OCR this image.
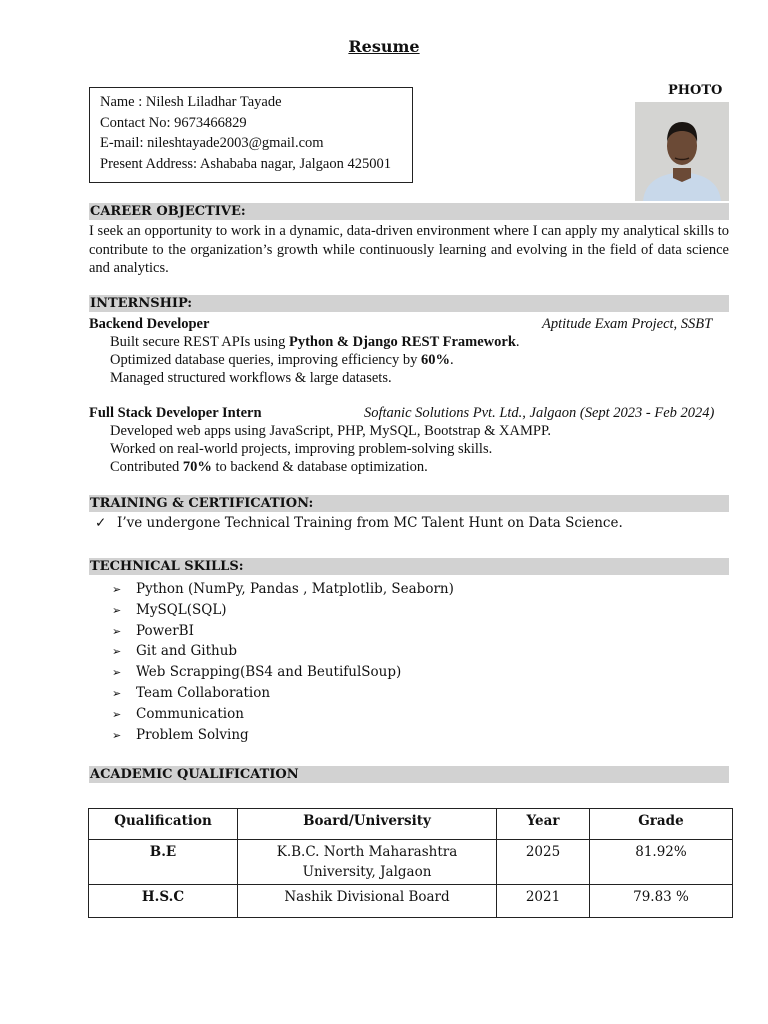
Resume
Name : Nilesh Liladhar Tayade
Contact No: 9673466829
E-mail: nileshtayade2003@gmail.com
Present Address: Ashababa nagar, Jalgaon 425001
PHOTO
CAREER OBJECTIVE:
I seek an opportunity to work in a dynamic, data-driven environment where I can apply my analytical skills to contribute to the organization’s growth while continuously learning and evolving in the field of data science and analytics.
INTERNSHIP:
Backend Developer	Aptitude Exam Project, SSBT
Built secure REST APIs using Python & Django REST Framework.
Optimized database queries, improving efficiency by 60%.
Managed structured workflows & large datasets.
Full Stack Developer Intern	Softanic Solutions Pvt. Ltd., Jalgaon (Sept 2023 - Feb 2024)
Developed web apps using JavaScript, PHP, MySQL, Bootstrap & XAMPP.
Worked on real-world projects, improving problem-solving skills.
Contributed 70% to backend & database optimization.
TRAINING & CERTIFICATION:
✓ I’ve undergone Technical Training from MC Talent Hunt on Data Science.
TECHNICAL SKILLS:
➢ Python (NumPy, Pandas , Matplotlib, Seaborn)
➢ MySQL(SQL)
➢ PowerBI
➢ Git and Github
➢ Web Scrapping(BS4 and BeutifulSoup)
➢ Team Collaboration
➢ Communication
➢ Problem Solving
ACADEMIC QUALIFICATION
Qualification	Board/University	Year	Grade
B.E	K.B.C. North Maharashtra University, Jalgaon	2025	81.92%
H.S.C	Nashik Divisional Board	2021	79.83 %
